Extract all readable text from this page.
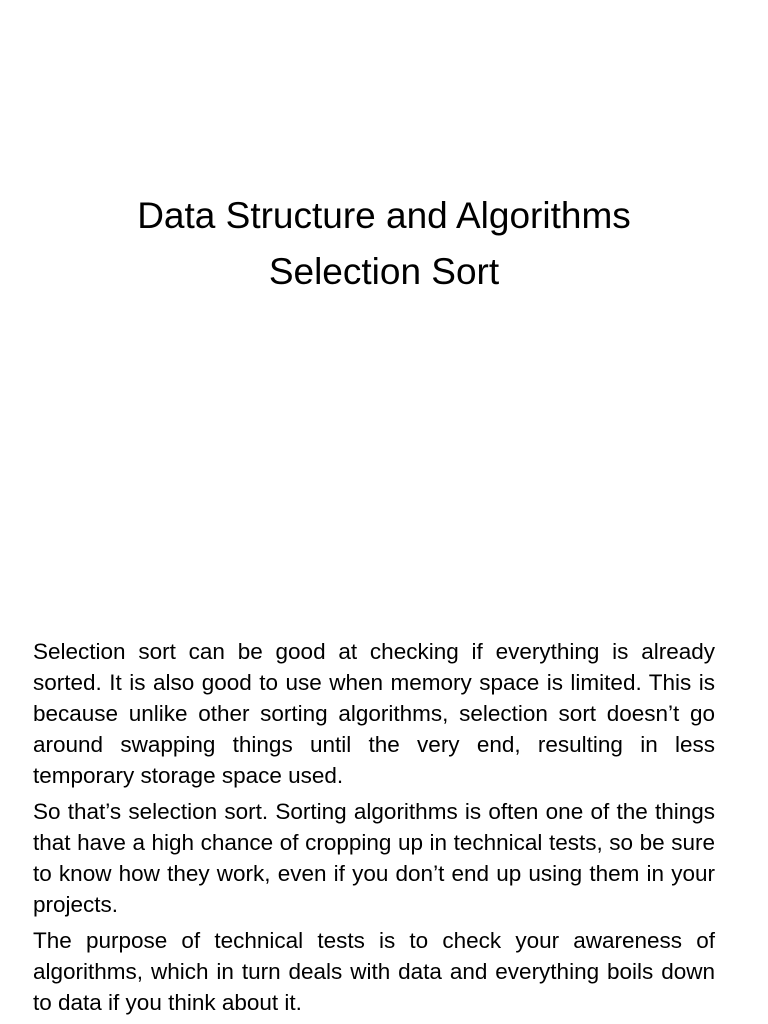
Data Structure and Algorithms
Selection Sort

Selection sort can be good at checking if everything is already sorted. It is also good to use when memory space is limited. This is because unlike other sorting algorithms, selection sort doesn’t go around swapping things until the very end, resulting in less temporary storage space used.

So that’s selection sort. Sorting algorithms is often one of the things that have a high chance of cropping up in technical tests, so be sure to know how they work, even if you don’t end up using them in your projects.

The purpose of technical tests is to check your awareness of algorithms, which in turn deals with data and everything boils down to data if you think about it.
